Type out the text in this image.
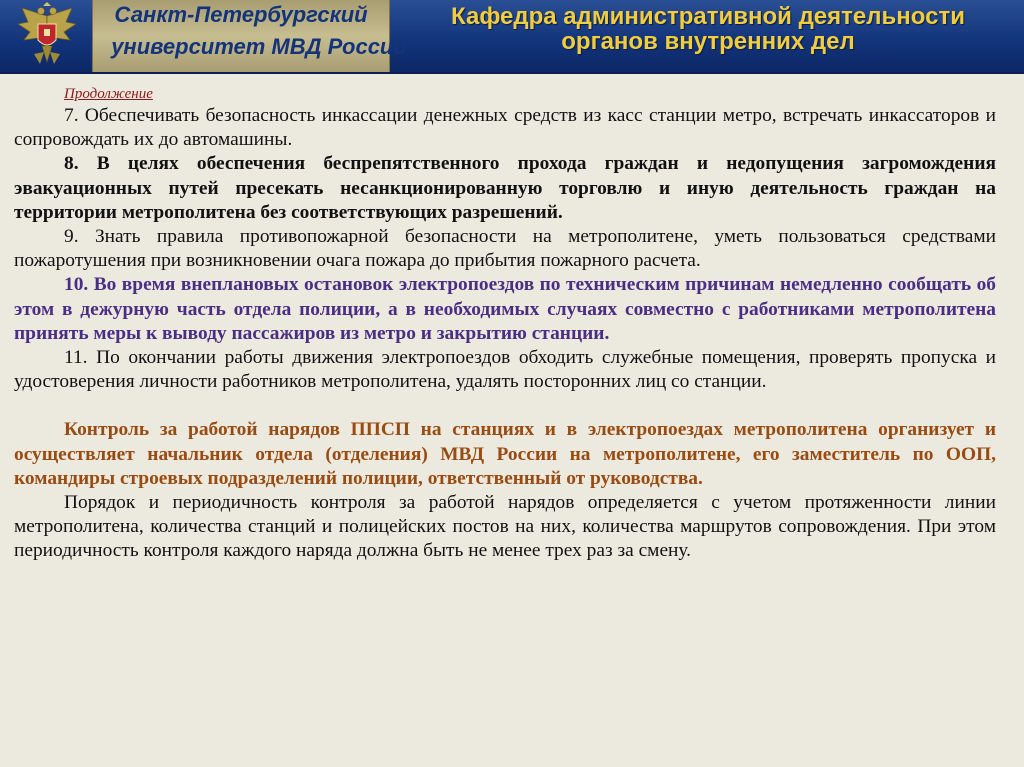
Санкт-Петербургский
университет МВД России
Кафедра административной деятельности
органов внутренних дел

Продолжение

7. Обеспечивать безопасность инкассации денежных средств из касс станции метро, встречать инкассаторов и сопровождать их до автомашины.

8. В целях обеспечения беспрепятственного прохода граждан и недопущения загромождения эвакуационных путей пресекать несанкционированную торговлю и иную деятельность граждан на территории метрополитена без соответствующих разрешений.

9. Знать правила противопожарной безопасности на метрополитене, уметь пользоваться средствами пожаротушения при возникновении очага пожара до прибытия пожарного расчета.

10. Во время внеплановых остановок электропоездов по техническим причинам немедленно сообщать об этом в дежурную часть отдела полиции, а в необходимых случаях совместно с работниками метрополитена принять меры к выводу пассажиров из метро и закрытию станции.

11. По окончании работы движения электропоездов обходить служебные помещения, проверять пропуска и удостоверения личности работников метрополитена, удалять посторонних лиц со станции.

Контроль за работой нарядов ППСП на станциях и в электропоездах метрополитена организует и осуществляет начальник отдела (отделения) МВД России на метрополитене, его заместитель по ООП, командиры строевых подразделений полиции, ответственный от руководства.

Порядок и периодичность контроля за работой нарядов определяется с учетом протяженности линии метрополитена, количества станций и полицейских постов на них, количества маршрутов сопровождения. При этом периодичность контроля каждого наряда должна быть не менее трех раз за смену.
